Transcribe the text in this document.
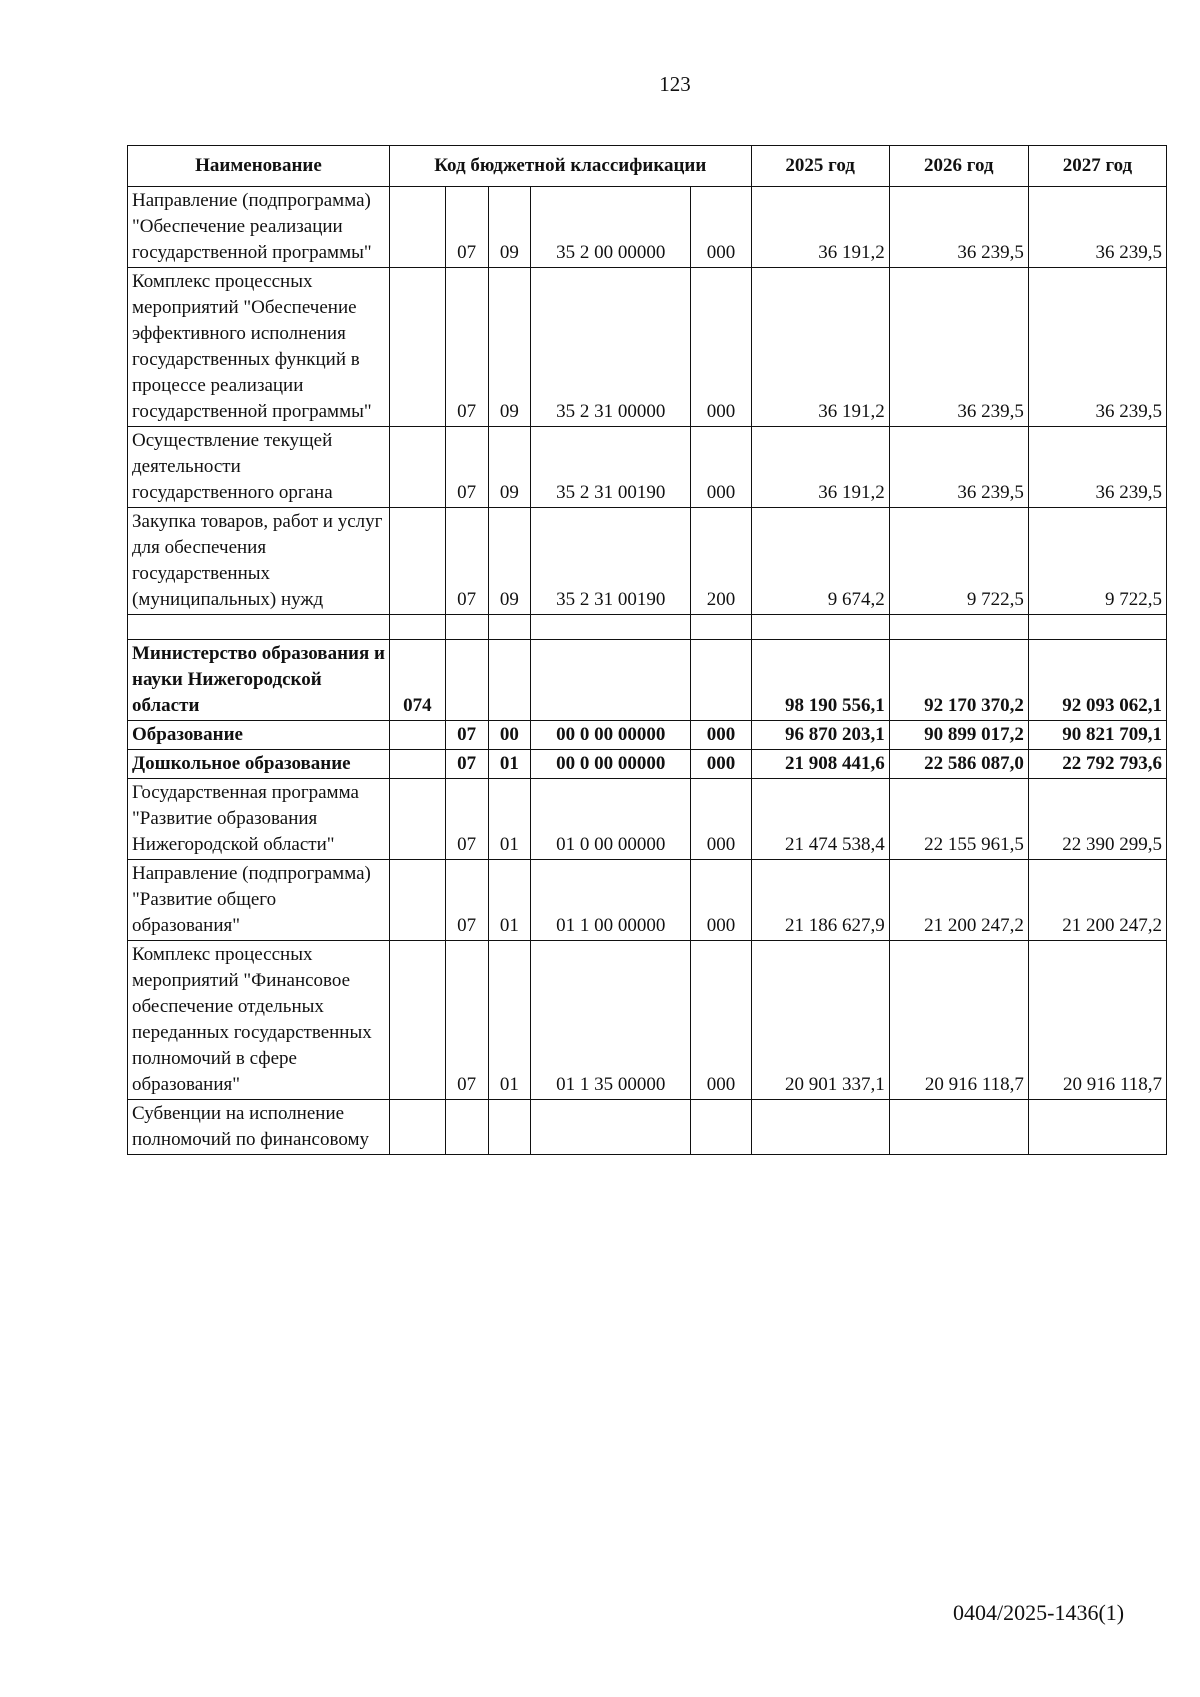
123
Наименование	Код бюджетной классификации					2025 год	2026 год	2027 год
Направление (подпрограмма) "Обеспечение реализации государственной программы"		07	09	35 2 00 00000	000	36 191,2	36 239,5	36 239,5
Комплекс процессных мероприятий "Обеспечение эффективного исполнения государственных функций в процессе реализации государственной программы"		07	09	35 2 31 00000	000	36 191,2	36 239,5	36 239,5
Осуществление текущей деятельности государственного органа		07	09	35 2 31 00190	000	36 191,2	36 239,5	36 239,5
Закупка товаров, работ и услуг для обеспечения государственных (муниципальных) нужд		07	09	35 2 31 00190	200	9 674,2	9 722,5	9 722,5

Министерство образования и науки Нижегородской области	074					98 190 556,1	92 170 370,2	92 093 062,1
Образование		07	00	00 0 00 00000	000	96 870 203,1	90 899 017,2	90 821 709,1
Дошкольное образование		07	01	00 0 00 00000	000	21 908 441,6	22 586 087,0	22 792 793,6
Государственная программа "Развитие образования Нижегородской области"		07	01	01 0 00 00000	000	21 474 538,4	22 155 961,5	22 390 299,5
Направление (подпрограмма) "Развитие общего образования"		07	01	01 1 00 00000	000	21 186 627,9	21 200 247,2	21 200 247,2
Комплекс процессных мероприятий "Финансовое обеспечение отдельных переданных государственных полномочий в сфере образования"		07	01	01 1 35 00000	000	20 901 337,1	20 916 118,7	20 916 118,7
Субвенции на исполнение полномочий по финансовому								
0404/2025-1436(1)
